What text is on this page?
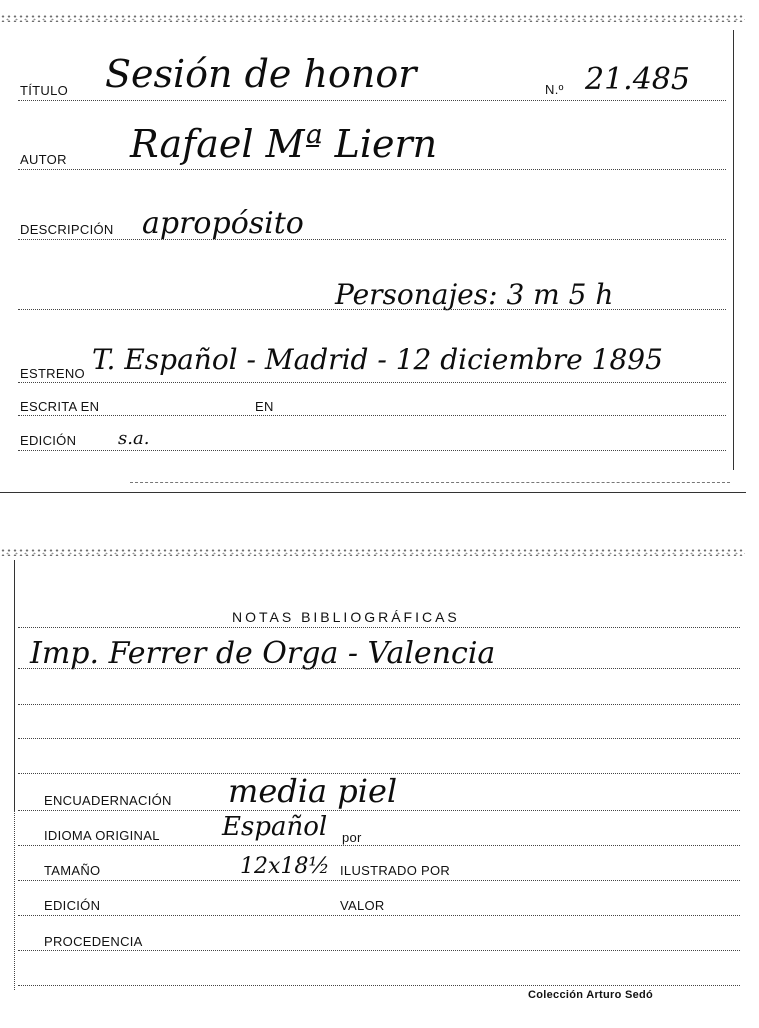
TÍTULO Sesión de honor	N.º 21.485
AUTOR Rafael Mª Liern
DESCRIPCIÓN apropósito
Personajes: 3 m 5 h
ESTRENO T. Español - Madrid - 12 diciembre 1895
ESCRITA EN	EN
EDICIÓN s.a.
NOTAS BIBLIOGRÁFICAS
Imp. Ferrer de Orga - Valencia
ENCUADERNACIÓN media piel
IDIOMA ORIGINAL Español por
TAMAÑO	12x18½ ILUSTRADO POR
EDICIÓN	VALOR
PROCEDENCIA
Colección Arturo Sedó
